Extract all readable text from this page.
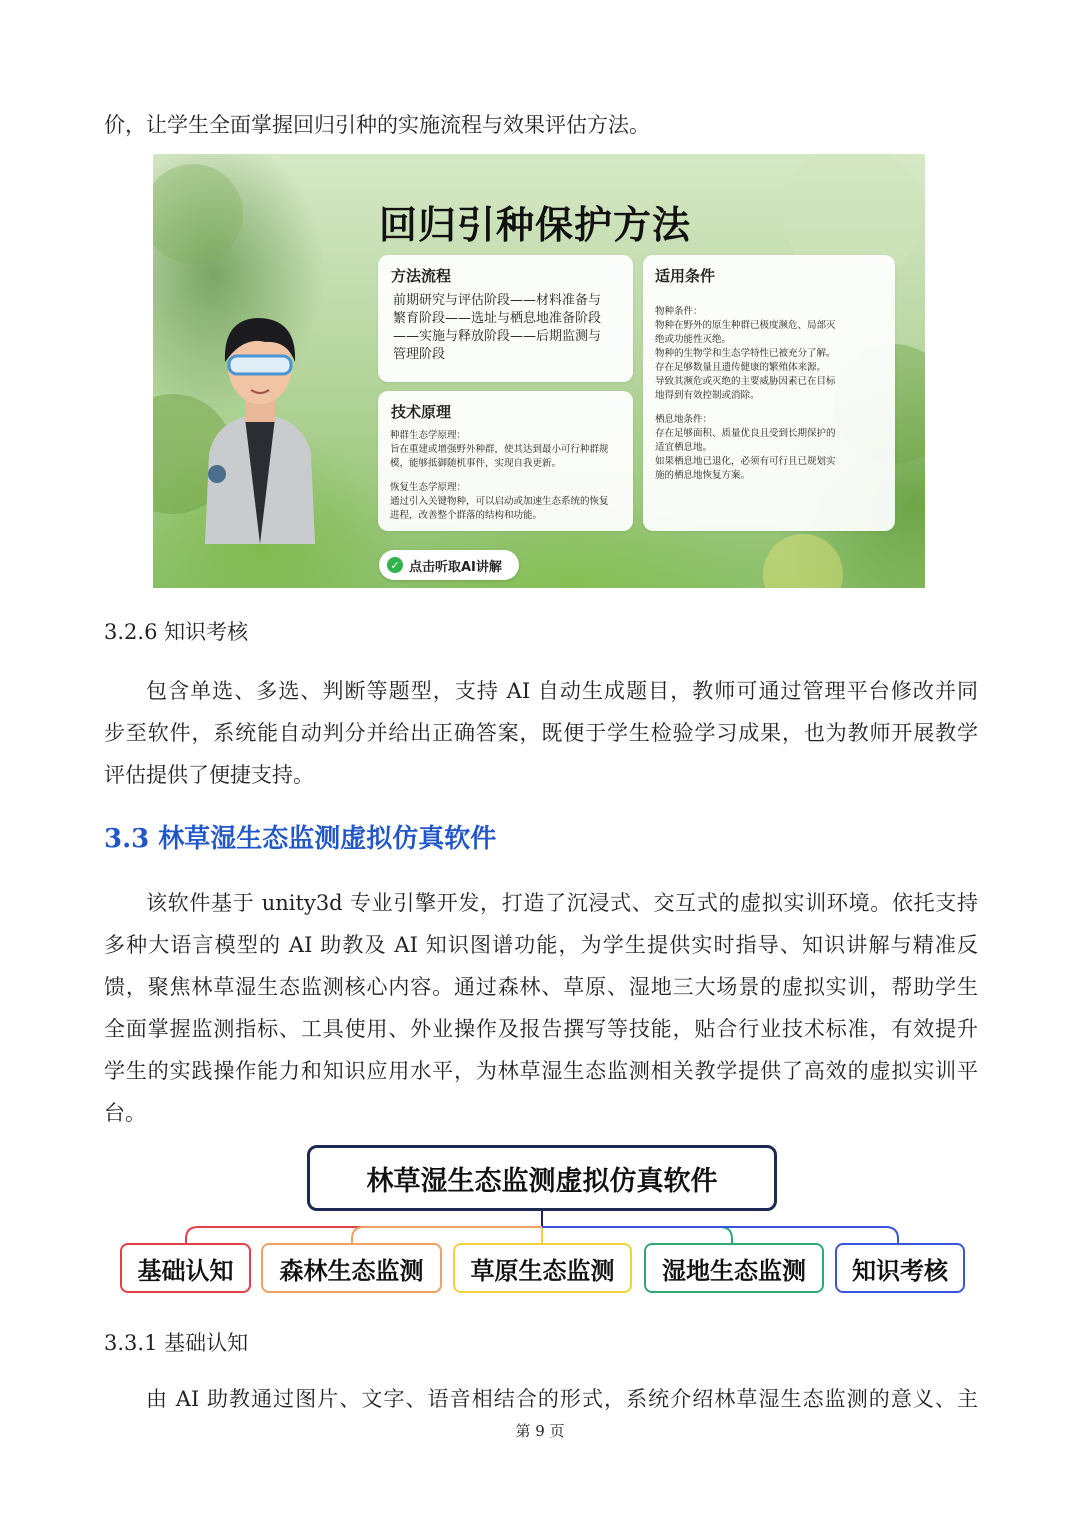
价，让学生全面掌握回归引种的实施流程与效果评估方法。
回归引种保护方法
方法流程
前期研究与评估阶段——材料准备与
繁育阶段——选址与栖息地准备阶段
——实施与释放阶段——后期监测与
管理阶段
技术原理
种群生态学原理：
旨在重建或增强野外种群，使其达到最小可行种群规
模，能够抵御随机事件，实现自我更新。
恢复生态学原理：
通过引入关键物种，可以启动或加速生态系统的恢复
进程，改善整个群落的结构和功能。
适用条件
物种条件：
物种在野外的原生种群已极度濒危、局部灭
绝或功能性灭绝。
物种的生物学和生态学特性已被充分了解。
存在足够数量且遗传健康的繁殖体来源。
导致其濒危或灭绝的主要威胁因素已在目标
地得到有效控制或消除。
栖息地条件：
存在足够面积、质量优良且受到长期保护的
适宜栖息地。
如果栖息地已退化，必须有可行且已规划实
施的栖息地恢复方案。
✓ 点击听取AI讲解
3.2.6 知识考核
包含单选、多选、判断等题型，支持 AI 自动生成题目，教师可通过管理平台修改并同
步至软件，系统能自动判分并给出正确答案，既便于学生检验学习成果，也为教师开展教学
评估提供了便捷支持。
3.3 林草湿生态监测虚拟仿真软件
该软件基于 unity3d 专业引擎开发，打造了沉浸式、交互式的虚拟实训环境。依托支持
多种大语言模型的 AI 助教及 AI 知识图谱功能，为学生提供实时指导、知识讲解与精准反
馈，聚焦林草湿生态监测核心内容。通过森林、草原、湿地三大场景的虚拟实训，帮助学生
全面掌握监测指标、工具使用、外业操作及报告撰写等技能，贴合行业技术标准，有效提升
学生的实践操作能力和知识应用水平，为林草湿生态监测相关教学提供了高效的虚拟实训平
台。
林草湿生态监测虚拟仿真软件
基础认知	森林生态监测	草原生态监测	湿地生态监测	知识考核
3.3.1 基础认知
由 AI 助教通过图片、文字、语音相结合的形式，系统介绍林草湿生态监测的意义、主
第 9 页
